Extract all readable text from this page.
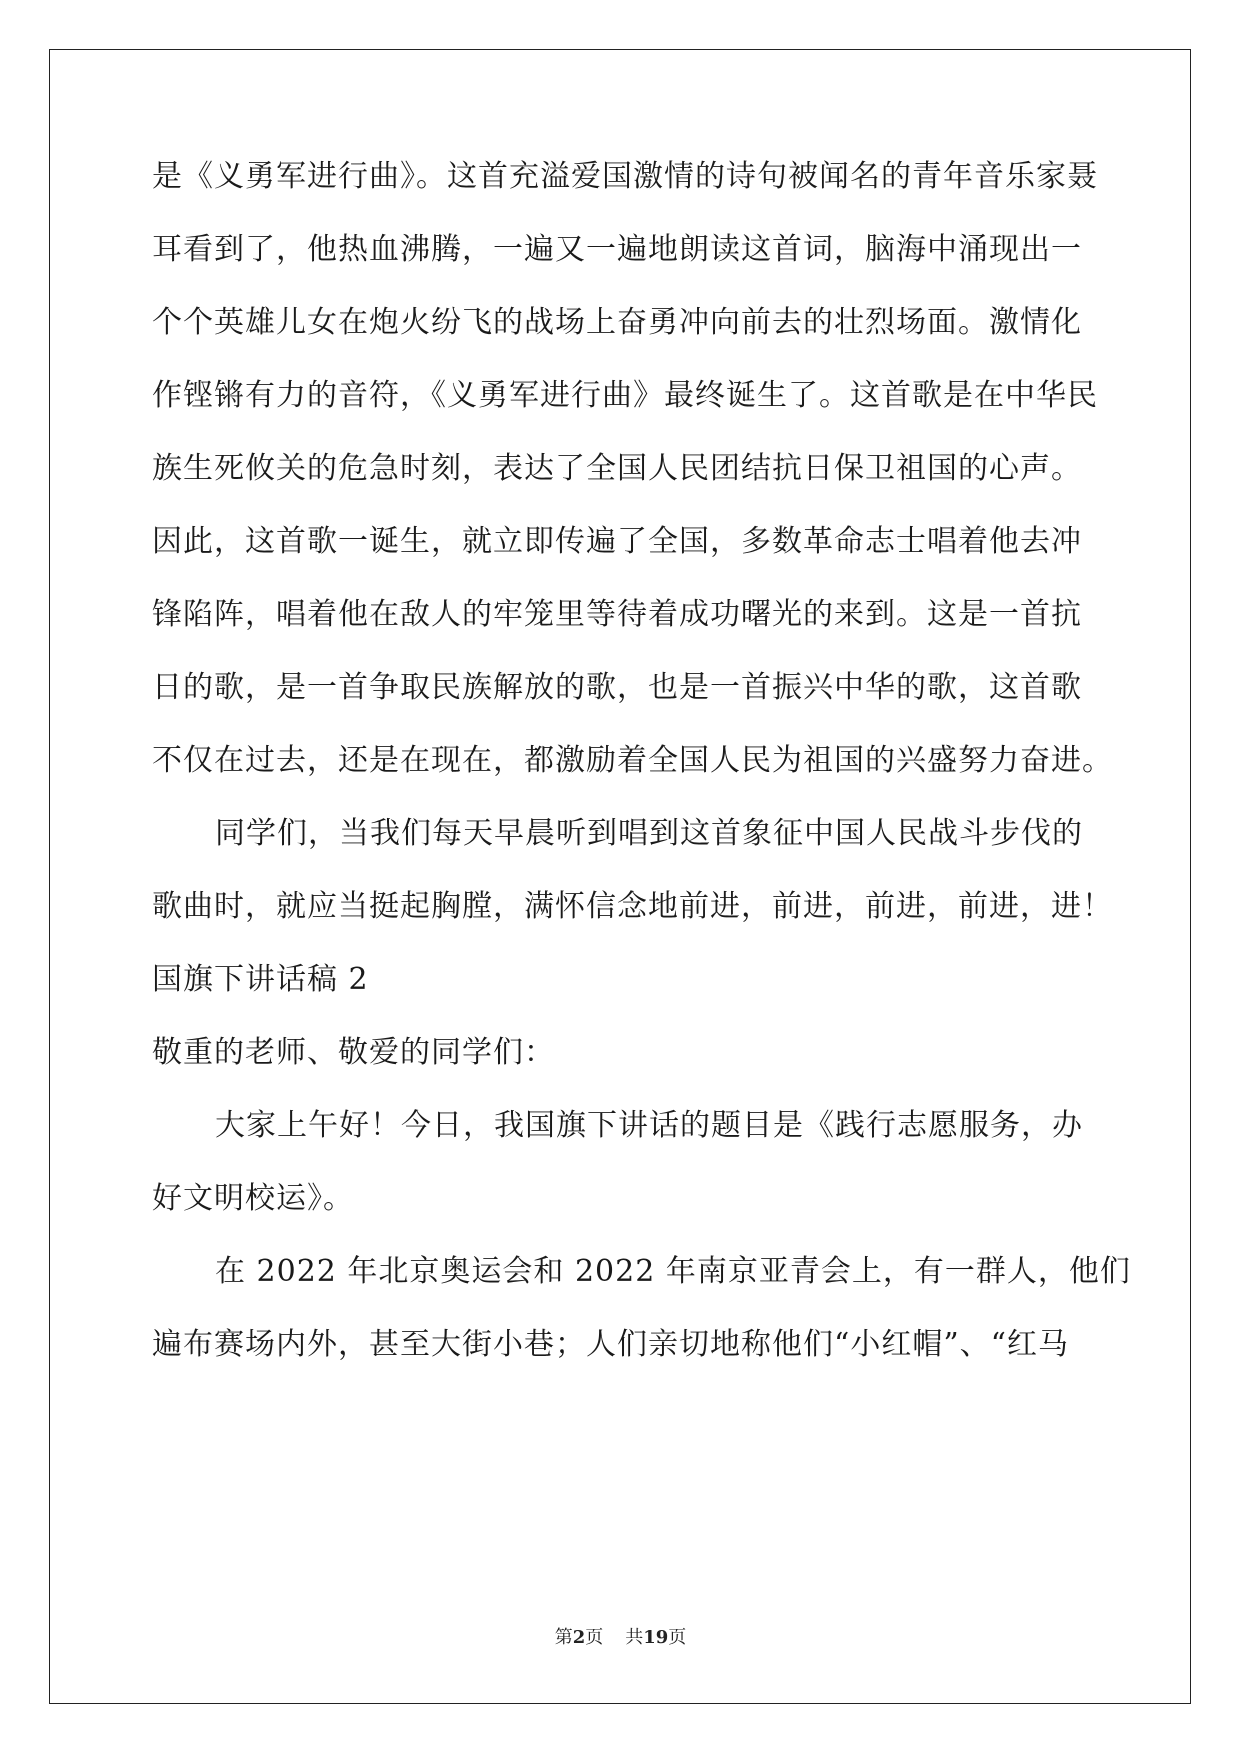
是《义勇军进行曲》。这首充溢爱国激情的诗句被闻名的青年音乐家聂
耳看到了，他热血沸腾，一遍又一遍地朗读这首词，脑海中涌现出一
个个英雄儿女在炮火纷飞的战场上奋勇冲向前去的壮烈场面。激情化
作铿锵有力的音符，《义勇军进行曲》最终诞生了。这首歌是在中华民
族生死攸关的危急时刻，表达了全国人民团结抗日保卫祖国的心声。
因此，这首歌一诞生，就立即传遍了全国，多数革命志士唱着他去冲
锋陷阵，唱着他在敌人的牢笼里等待着成功曙光的来到。这是一首抗
日的歌，是一首争取民族解放的歌，也是一首振兴中华的歌，这首歌
不仅在过去，还是在现在，都激励着全国人民为祖国的兴盛努力奋进。
同学们，当我们每天早晨听到唱到这首象征中国人民战斗步伐的
歌曲时，就应当挺起胸膛，满怀信念地前进，前进，前进，前进，进！
国旗下讲话稿 2
敬重的老师、敬爱的同学们：
大家上午好！今日，我国旗下讲话的题目是《践行志愿服务，办
好文明校运》。
在 2022 年北京奥运会和 2022 年南京亚青会上，有一群人，他们
遍布赛场内外，甚至大街小巷；人们亲切地称他们“小红帽”、“红马
第2页 共19页
